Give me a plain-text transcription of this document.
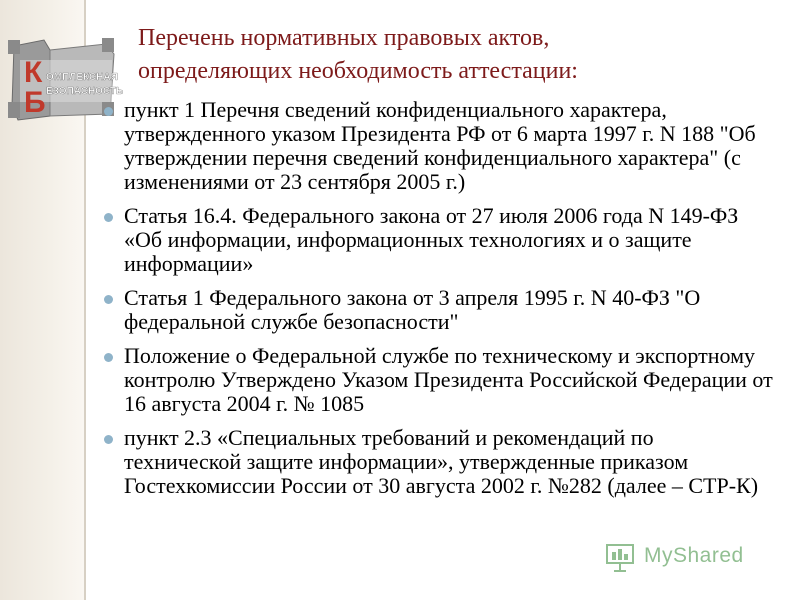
К
Б
ОМПЛЕКСНАЯ
ЕЗОПАСНОСТЬ
Перечень нормативных правовых актов,
определяющих необходимость аттестации:
пункт 1 Перечня сведений конфиденциального характера, утвержденного указом Президента РФ от 6 марта 1997 г. N 188 "Об утверждении перечня сведений конфиденциального характера" (с изменениями от 23 сентября 2005 г.)
Статья 16.4. Федерального закона от 27 июля 2006 года N 149-ФЗ «Об информации, информационных технологиях и о защите информации»
Статья 1 Федерального закона от 3 апреля 1995 г. N 40-ФЗ "О федеральной службе безопасности"
Положение о Федеральной службе по техническому и экспортному контролю Утверждено Указом Президента Российской Федерации от 16 августа 2004 г. № 1085
пункт 2.3 «Специальных требований и рекомендаций по технической защите информации», утвержденные приказом Гостехкомиссии России от 30 августа 2002 г. №282 (далее – СТР-К)
MyShared
